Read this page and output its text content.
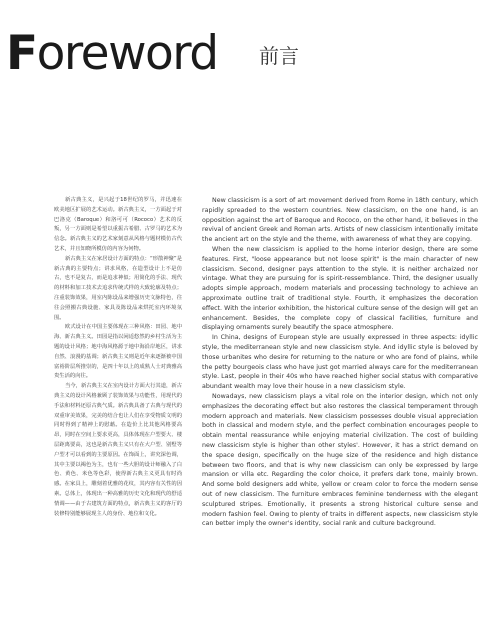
Foreword 前言

新古典主义，是兴起于18世纪的罗马，并迅速在欧美地区扩展的艺术运动。新古典主义，一方面起于对巴洛克（Baroque）和洛可可（Rococo）艺术的反叛，另一方面则是希望以重振古希腊、古罗马的艺术为信念。新古典主义的艺术家刻意从风格与题材模仿古代艺术，并且知晓所模仿的内容为何物。

新古典主义在家居设计方面的特点：“形散神聚”是新古典的主要特点；讲求风格，在造型设计上不是仿古，也不是复古，而是追求神似；用简化的手法、现代的材料和加工技术去追求传统式样的大致轮廓及特点；注重装饰效果，用室内陈设品来增强历史文脉特色，往往会照搬古典设施、家具及陈设品来烘托室内环境氛围。

欧式设计在中国主要体现在三种风格：田园、地中海、新古典主义。田园是指以闲适悠然的乡村生活为主题的设计风格；地中海风格源于地中海沿岸地区，讲求自然、浪漫的基调；新古典主义则是近年来逐渐被中国富裕阶层所推崇的，是四十年以上的成熟人士对典雅高贵生活的向往。

当今，新古典主义在室内设计方面大行其道，新古典主义的设计风格兼顾了装饰效果与功能性，用现代的手法和材料还原古典气质。新古典具备了古典与现代的双重审美效果，完美的结合也让人们在享受物质文明的同时得到了精神上的慰藉。在造价上比其他风格要高昂，同时在空间上要求更高，具体体现在户型要大、楼层距离要高，这也是新古典主义只有在大户型、别墅等户型才可以看到的主要原因。在饰面上，讲究深色调，其中主要以褐色为主，也有一些大胆的设计师融入了白色、黄色、米色等色彩，使得新古典主义更具有时尚感。在家具上，雕刻着优雅的花纹，其内容有关性的因素。总体上，体现出一种高雅的历史文化和现代的舒适情调——由于古建筑方面的特点，新古典主义的客厅的装修特别能够展现主人的身份、地位和文化。

New classicism is a sort of art movement derived from Rome in 18th century, which rapidly spreaded to the western countries. New classicism, on the one hand, is an opposition against the art of Baroque and Rococo, on the other hand, it believes in the revival of ancient Greek and Roman arts. Artists of new classicism intentionally imitate the ancient art on the style and the theme, with awareness of what they are copying.

When the new classicism is applied to the home interior design, there are some features. First, "loose appearance but not loose spirit" is the main character of new classicism. Second, designer pays attention to the style. It is neither archaized nor vintage. What they are pursuing for is spirit-ressemblance. Third, the designer usually adopts simple approach, modern materials and processing technology to achieve an approximate outline trait of traditional style. Fourth, it emphasizes the decoration effect. With the interior exhibition, the historical culture sense of the design will get an enhancement. Besides, the complete copy of classical facilities, furniture and displaying ornaments surely beautify the space atmosphere.

In China, designs of European style are usually expressed in three aspects: idyllic style, the mediterranean style and new classicism style. And idyllic style is beloved by those urbanites who desire for returning to the nature or who are fond of plains, while the petty bourgeois class who have just got married always care for the mediterranean style. Last, people in their 40s who have reached higher social status with comparative abundant wealth may love their house in a new classicism style.

Nowadays, new classicism plays a vital role on the interior design, which not only emphasizes the decorating effect but also restores the classical temperament through modern approach and materials. New classicism possesses double visual appreciation both in classical and modern style, and the perfect combination encourages people to obtain mental reassurance while enjoying material civilization. The cost of building new classicism style is higher than other styles'. However, it has a strict demand on the space design, specifically on the huge size of the residence and high distance between two floors, and that is why new classicism can only be expressed by large mansion or villa etc. Regarding the color choice, it prefers dark tone, mainly brown. And some bold designers add white, yellow or cream color to force the modern sense out of new classicism. The furniture embraces feminine tenderness with the elegant sculptured stripes. Emotionally, it presents a strong historical culture sense and modern fashion feel. Owing to plenty of traits in different aspects, new classicism style can better imply the owner's identity, social rank and culture background.
